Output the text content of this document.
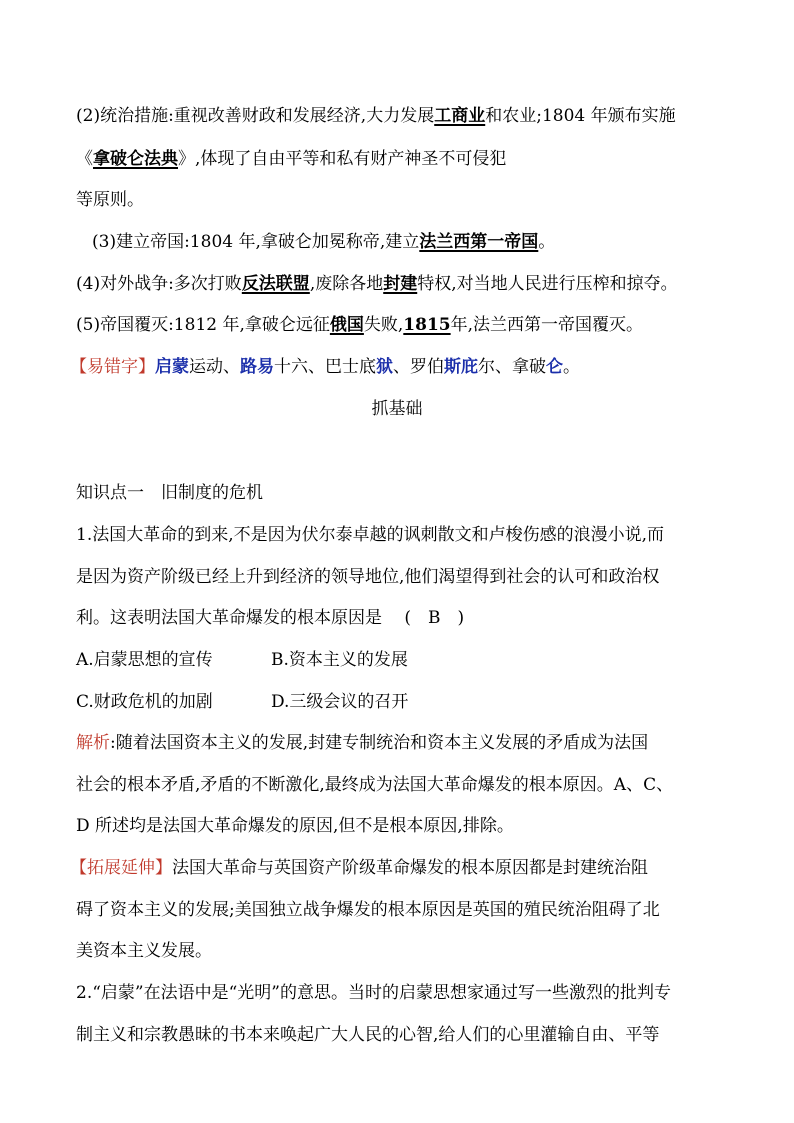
(2)统治措施:重视改善财政和发展经济,大力发展工商业和农业;1804 年颁布实施
《拿破仑法典》,体现了自由平等和私有财产神圣不可侵犯
等原则。
(3)建立帝国:1804 年,拿破仑加冕称帝,建立法兰西第一帝国。
(4)对外战争:多次打败反法联盟,废除各地封建特权,对当地人民进行压榨和掠夺。
(5)帝国覆灭:1812 年,拿破仑远征俄国失败,1815年,法兰西第一帝国覆灭。
【易错字】启蒙运动、路易十六、巴士底狱、罗伯斯庇尔、拿破仑。
抓基础
知识点一　旧制度的危机
1.法国大革命的到来,不是因为伏尔泰卓越的讽刺散文和卢梭伤感的浪漫小说,而
是因为资产阶级已经上升到经济的领导地位,他们渴望得到社会的认可和政治权
利。这表明法国大革命爆发的根本原因是　 (　B　)
A.启蒙思想的宣传	B.资本主义的发展
C.财政危机的加剧	D.三级会议的召开
解析:随着法国资本主义的发展,封建专制统治和资本主义发展的矛盾成为法国
社会的根本矛盾,矛盾的不断激化,最终成为法国大革命爆发的根本原因。A、C、
D 所述均是法国大革命爆发的原因,但不是根本原因,排除。
【拓展延伸】法国大革命与英国资产阶级革命爆发的根本原因都是封建统治阻
碍了资本主义的发展;美国独立战争爆发的根本原因是英国的殖民统治阻碍了北
美资本主义发展。
2.“启蒙”在法语中是“光明”的意思。当时的启蒙思想家通过写一些激烈的批判专
制主义和宗教愚昧的书本来唤起广大人民的心智,给人们的心里灌输自由、平等
